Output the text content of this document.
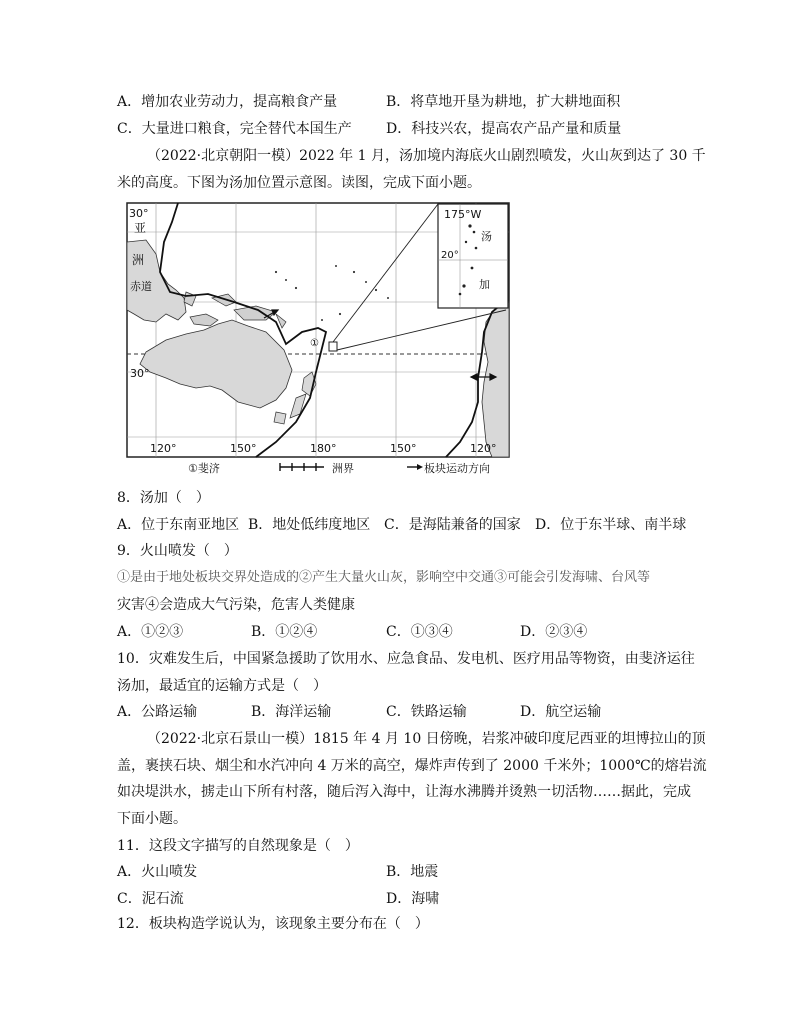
A．增加农业劳动力，提高粮食产量	B．将草地开垦为耕地，扩大耕地面积
C．大量进口粮食，完全替代本国生产 D．科技兴农，提高农产品产量和质量
（2022·北京朝阳一模）2022 年 1 月，汤加境内海底火山剧烈喷发，火山灰到达了 30 千
米的高度。下图为汤加位置示意图。读图，完成下面小题。
30°
30°
亚
洲
赤道
175°W
20°
汤
加
①
120°	150°	180°	150°	120°
①斐济	洲界	板块运动方向
8．汤加（　）
A．位于东南亚地区 B．地处低纬度地区 C．是海陆兼备的国家 D．位于东半球、南半球
9．火山喷发（　）
①是由于地处板块交界处造成的②产生大量火山灰，影响空中交通③可能会引发海啸、台风等
灾害④会造成大气污染，危害人类健康
A．①②③	B．①②④	C．①③④	D．②③④
10．灾难发生后，中国紧急援助了饮用水、应急食品、发电机、医疗用品等物资，由斐济运往
汤加，最适宜的运输方式是（　）
A．公路运输	B．海洋运输	C．铁路运输	D．航空运输
（2022·北京石景山一模）1815 年 4 月 10 日傍晚，岩浆冲破印度尼西亚的坦博拉山的顶
盖，裹挟石块、烟尘和水汽冲向 4 万米的高空，爆炸声传到了 2000 千米外；1000℃的熔岩流
如决堤洪水，掳走山下所有村落，随后泻入海中，让海水沸腾并烫熟一切活物……据此，完成
下面小题。
11．这段文字描写的自然现象是（　）
A．火山喷发	B．地震
C．泥石流	D．海啸
12．板块构造学说认为，该现象主要分布在（　）
